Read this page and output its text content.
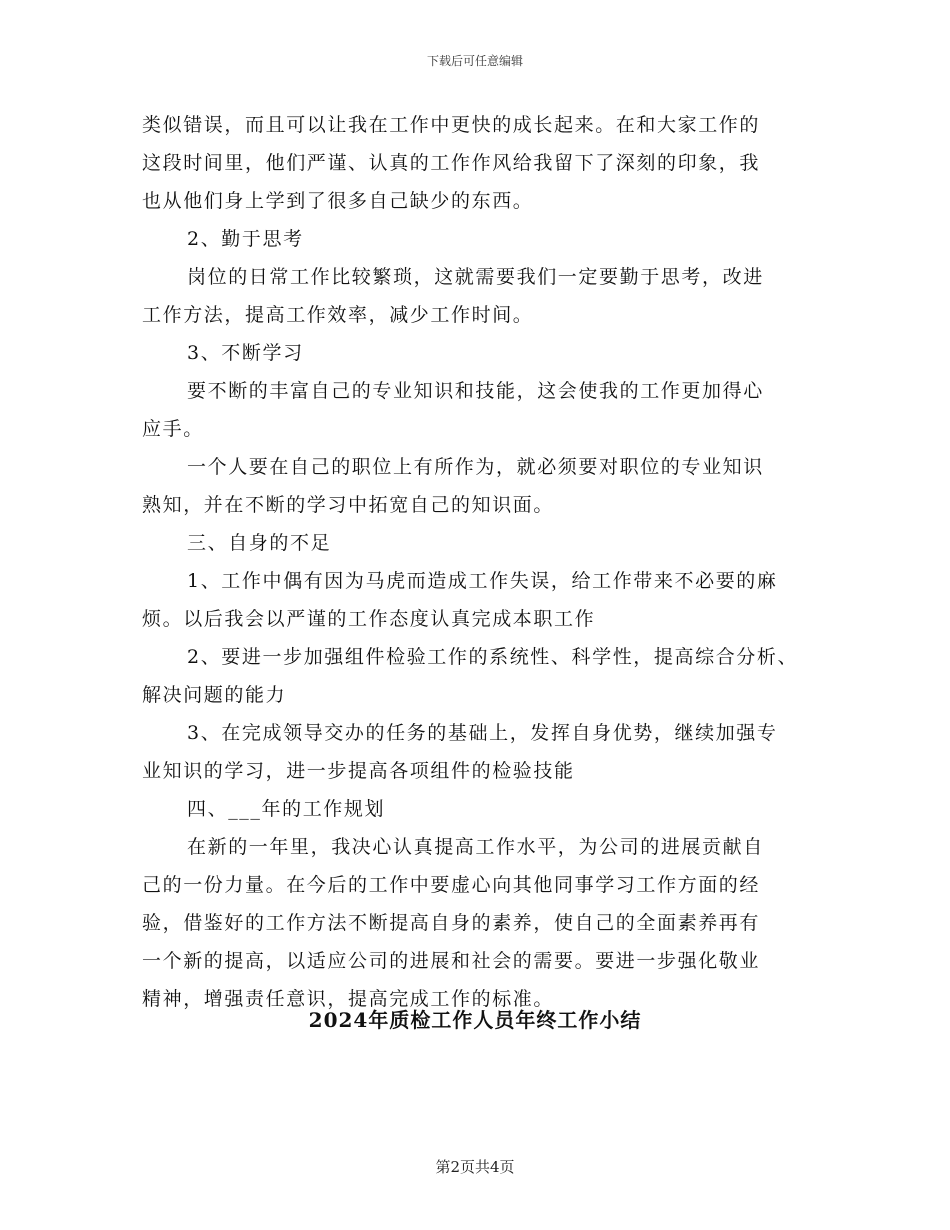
下载后可任意编辑
类似错误，而且可以让我在工作中更快的成长起来。在和大家工作的
这段时间里，他们严谨、认真的工作作风给我留下了深刻的印象，我
也从他们身上学到了很多自己缺少的东西。
2、勤于思考
岗位的日常工作比较繁琐，这就需要我们一定要勤于思考，改进
工作方法，提高工作效率，减少工作时间。
3、不断学习
要不断的丰富自己的专业知识和技能，这会使我的工作更加得心
应手。
一个人要在自己的职位上有所作为，就必须要对职位的专业知识
熟知，并在不断的学习中拓宽自己的知识面。
三、自身的不足
1、工作中偶有因为马虎而造成工作失误，给工作带来不必要的麻
烦。以后我会以严谨的工作态度认真完成本职工作
2、要进一步加强组件检验工作的系统性、科学性，提高综合分析、
解决问题的能力
3、在完成领导交办的任务的基础上，发挥自身优势，继续加强专
业知识的学习，进一步提高各项组件的检验技能
四、___年的工作规划
在新的一年里，我决心认真提高工作水平，为公司的进展贡献自
己的一份力量。在今后的工作中要虚心向其他同事学习工作方面的经
验，借鉴好的工作方法不断提高自身的素养，使自己的全面素养再有
一个新的提高，以适应公司的进展和社会的需要。要进一步强化敬业
精神，增强责任意识，提高完成工作的标准。
2024年质检工作人员年终工作小结
第2页共4页
